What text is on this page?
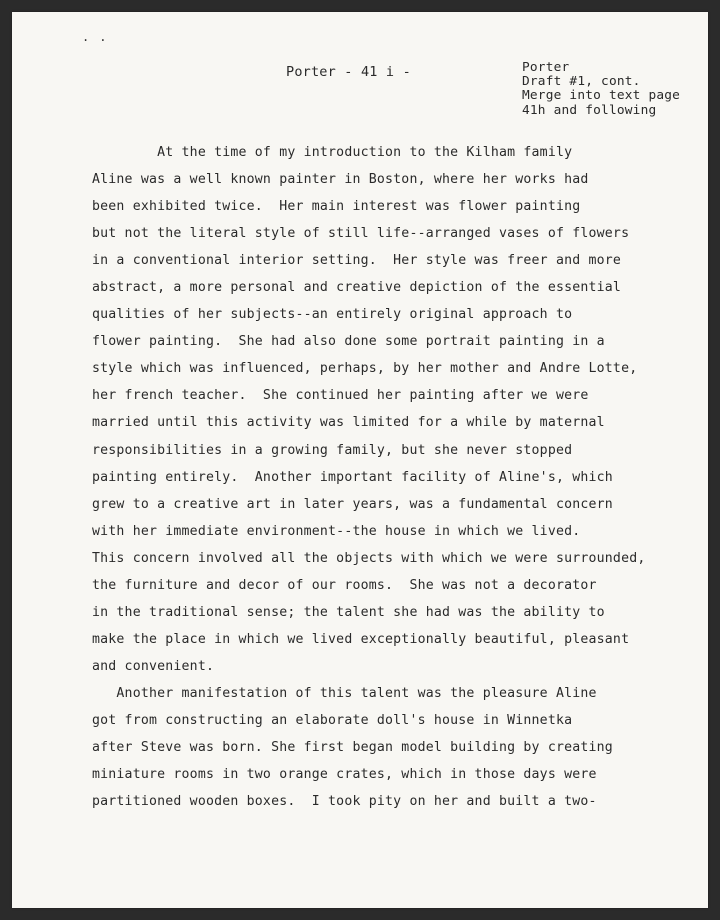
..
Porter - 41 i -	Porter
Draft #1, cont.
Merge into text page
41h and following
At the time of my introduction to the Kilham family
Aline was a well known painter in Boston, where her works had
been exhibited twice.  Her main interest was flower painting
but not the literal style of still life--arranged vases of flowers
in a conventional interior setting.  Her style was freer and more
abstract, a more personal and creative depiction of the essential
qualities of her subjects--an entirely original approach to
flower painting.  She had also done some portrait painting in a
style which was influenced, perhaps, by her mother and Andre Lotte,
her french teacher.  She continued her painting after we were
married until this activity was limited for a while by maternal
responsibilities in a growing family, but she never stopped
painting entirely.  Another important facility of Aline's, which
grew to a creative art in later years, was a fundamental concern
with her immediate environment--the house in which we lived.
This concern involved all the objects with which we were surrounded,
the furniture and decor of our rooms.  She was not a decorator
in the traditional sense; the talent she had was the ability to
make the place in which we lived exceptionally beautiful, pleasant
and convenient.
Another manifestation of this talent was the pleasure Aline
got from constructing an elaborate doll's house in Winnetka
after Steve was born. She first began model building by creating
miniature rooms in two orange crates, which in those days were
partitioned wooden boxes.  I took pity on her and built a two-
